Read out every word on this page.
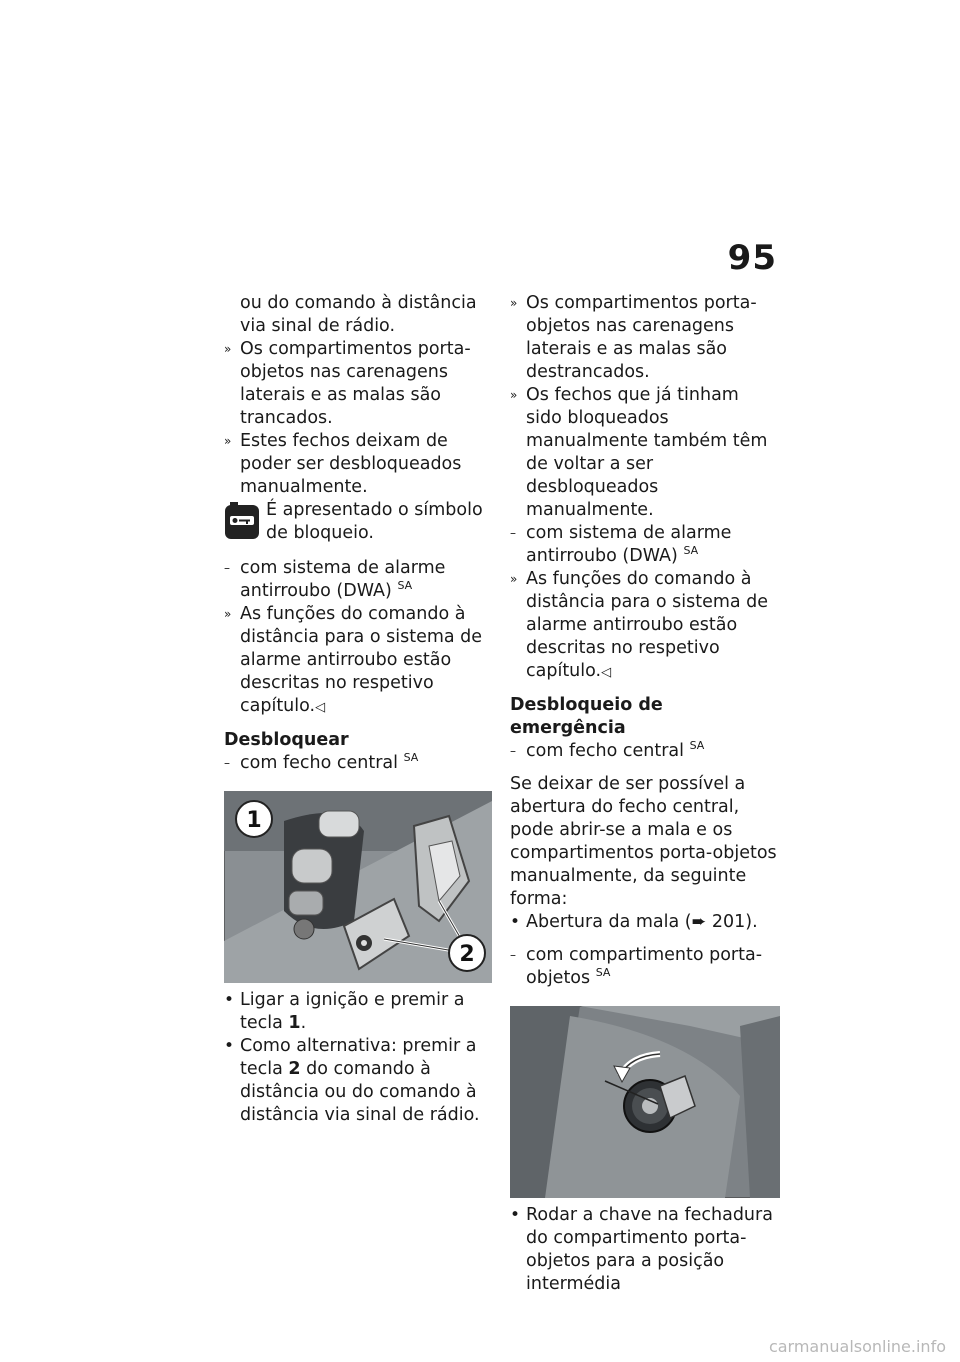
95

ou do comando à distância via sinal de rádio.

» Os compartimentos porta-objetos nas carenagens laterais e as malas são trancados.

» Estes fechos deixam de poder ser desbloqueados manualmente.

É apresentado o símbolo de bloqueio.

– com sistema de alarme antirroubo (DWA) $^{SA}$

» As funções do comando à distância para o sistema de alarme antirroubo estão descritas no respetivo capítulo.◁

Desbloquear

– com fecho central $^{SA}$

1
2

• Ligar a ignição e premir a tecla 1.

• Como alternativa: premir a tecla 2 do comando à distância ou do comando à distância via sinal de rádio.

» Os compartimentos porta-objetos nas carenagens laterais e as malas são destrancados.

» Os fechos que já tinham sido bloqueados manualmente também têm de voltar a ser desbloqueados manualmente.

– com sistema de alarme antirroubo (DWA) $^{SA}$

» As funções do comando à distância para o sistema de alarme antirroubo estão descritas no respetivo capítulo.◁

Desbloqueio de emergência

– com fecho central $^{SA}$

Se deixar de ser possível a abertura do fecho central, pode abrir-se a mala e os compartimentos porta-objetos manualmente, da seguinte forma:

• Abertura da mala (➨ 201).

– com compartimento porta-objetos $^{SA}$

• Rodar a chave na fechadura do compartimento porta-objetos para a posição intermédia

carmanualsonline.info
